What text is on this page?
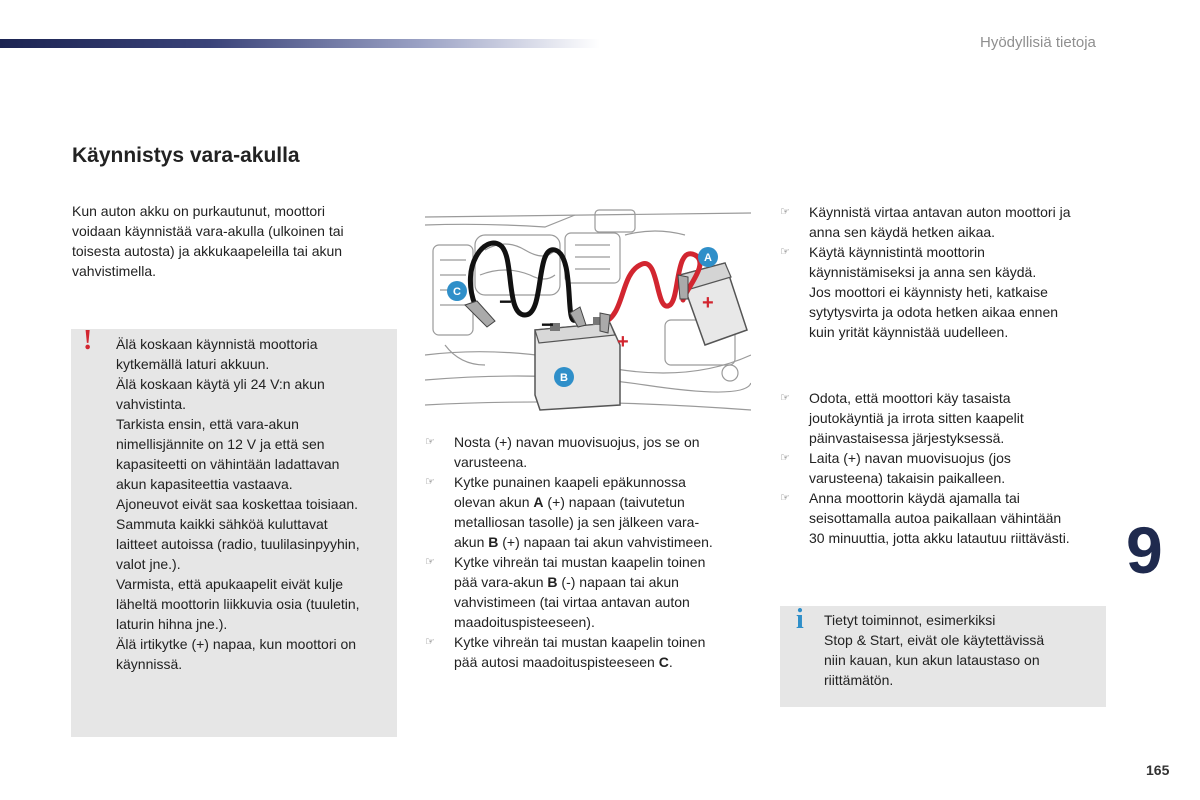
Hyödyllisiä tietoja
Käynnistys vara-akulla
Kun auton akku on purkautunut, moottori
voidaan käynnistää vara-akulla (ulkoinen tai
toisesta autosta) ja akkukaapeleilla tai akun
vahvistimella.
! Älä koskaan käynnistä moottoria
kytkemällä laturi akkuun.
Älä koskaan käytä yli 24 V:n akun
vahvistinta.
Tarkista ensin, että vara-akun
nimellisjännite on 12 V ja että sen
kapasiteetti on vähintään ladattavan
akun kapasiteettia vastaava.
Ajoneuvot eivät saa koskettaa toisiaan.
Sammuta kaikki sähköä kuluttavat
laitteet autoissa (radio, tuulilasinpyyhin,
valot jne.).
Varmista, että apukaapelit eivät kulje
läheltä moottorin liikkuvia osia (tuuletin,
laturin hihna jne.).
Älä irtikytke (+) napaa, kun moottori on
käynnissä.
−
−
+
+
A
C
B
☞ Nosta (+) navan muovisuojus, jos se on
varusteena.
☞ Kytke punainen kaapeli epäkunnossa
olevan akun A (+) napaan (taivutetun
metalliosan tasolle) ja sen jälkeen vara-
akun B (+) napaan tai akun vahvistimeen.
☞ Kytke vihreän tai mustan kaapelin toinen
pää vara-akun B (-) napaan tai akun
vahvistimeen (tai virtaa antavan auton
maadoituspisteeseen).
☞ Kytke vihreän tai mustan kaapelin toinen
pää autosi maadoituspisteeseen C.
☞ Käynnistä virtaa antavan auton moottori ja
anna sen käydä hetken aikaa.
☞ Käytä käynnistintä moottorin
käynnistämiseksi ja anna sen käydä.
Jos moottori ei käynnisty heti, katkaise
sytytysvirta ja odota hetken aikaa ennen
kuin yrität käynnistää uudelleen.
☞ Odota, että moottori käy tasaista
joutokäyntiä ja irrota sitten kaapelit
päinvastaisessa järjestyksessä.
☞ Laita (+) navan muovisuojus (jos
varusteena) takaisin paikalleen.
☞ Anna moottorin käydä ajamalla tai
seisottamalla autoa paikallaan vähintään
30 minuuttia, jotta akku latautuu riittävästi. 9
i Tietyt toiminnot, esimerkiksi
Stop & Start, eivät ole käytettävissä
niin kauan, kun akun lataustaso on
riittämätön.
165
